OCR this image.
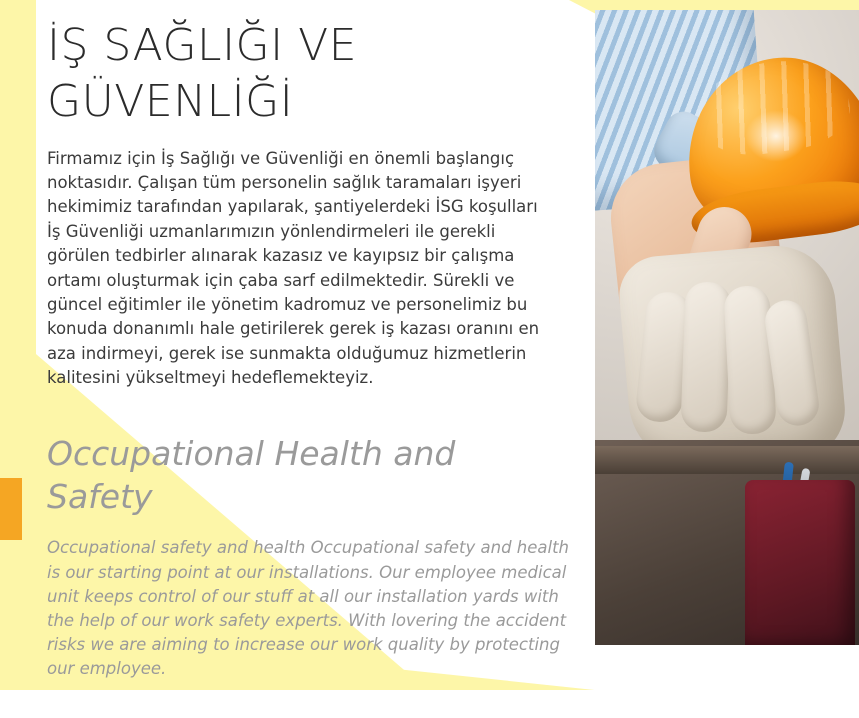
İŞ SAĞLIĞI VE GÜVENLİĞİ

Firmamız için İş Sağlığı ve Güvenliği en önemli başlangıç noktasıdır. Çalışan tüm personelin sağlık taramaları işyeri hekimimiz tarafından yapılarak, şantiyelerdeki İSG koşulları İş Güvenliği uzmanlarımızın yönlendirmeleri ile gerekli görülen tedbirler alınarak kazasız ve kayıpsız bir çalışma ortamı oluşturmak için çaba sarf edilmektedir. Sürekli ve güncel eğitimler ile yönetim kadromuz ve personelimiz bu konuda donanımlı hale getirilerek gerek iş kazası oranını en aza indirmeyi, gerek ise sunmakta olduğumuz hizmetlerin kalitesini yükseltmeyi hedeflemekteyiz.

Occupational Health and Safety

Occupational safety and health Occupational safety and health is our starting point at our installations. Our employee medical unit keeps control of our stuff at all our installation yards with the help of our work safety experts. With lovering the accident risks we are aiming to increase our work quality by protecting our employee.
